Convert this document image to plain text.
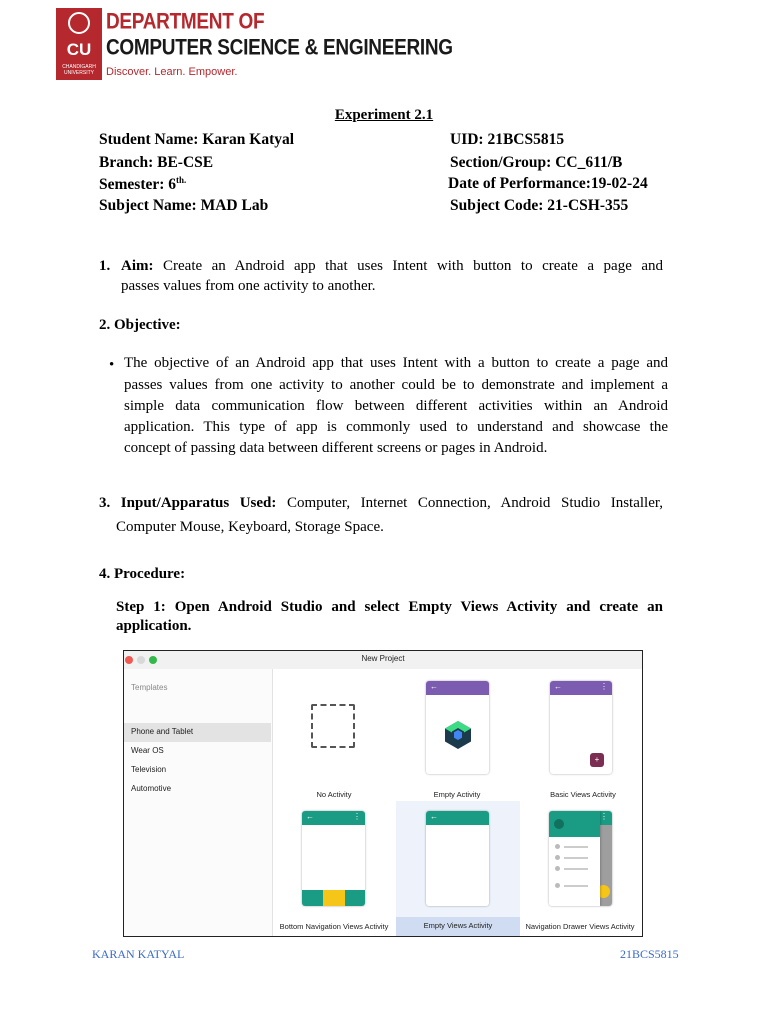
CU
CHANDIGARH UNIVERSITY
DEPARTMENT OF
COMPUTER SCIENCE & ENGINEERING
Discover. Learn. Empower.
Experiment 2.1
Student Name: Karan Katyal	UID: 21BCS5815
Branch: BE-CSE	Section/Group: CC_611/B
Semester: $6^{th.}$	Date of Performance:19-02-24
Subject Name: MAD Lab	Subject Code: 21-CSH-355
1. Aim: Create an Android app that uses Intent with button to create a page and
passes values from one activity to another.
2. Objective:
• The objective of an Android app that uses Intent with a button to create a page and
passes values from one activity to another could be to demonstrate and implement a
simple data communication flow between different activities within an Android
application. This type of app is commonly used to understand and showcase the
concept of passing data between different screens or pages in Android.
3. Input/Apparatus Used: Computer, Internet Connection, Android Studio Installer,
Computer Mouse, Keyboard, Storage Space.
4. Procedure:
Step 1: Open Android Studio and select Empty Views Activity and create an
application.
New Project
Templates
Phone and Tablet
Wear OS
Television
Automotive
No Activity
←
Empty Activity
←	⋮
+
Basic Views Activity
←	⋮
Bottom Navigation Views Activity
←
Empty Views Activity
⋮
Navigation Drawer Views Activity
KARAN KATYAL	21BCS5815
